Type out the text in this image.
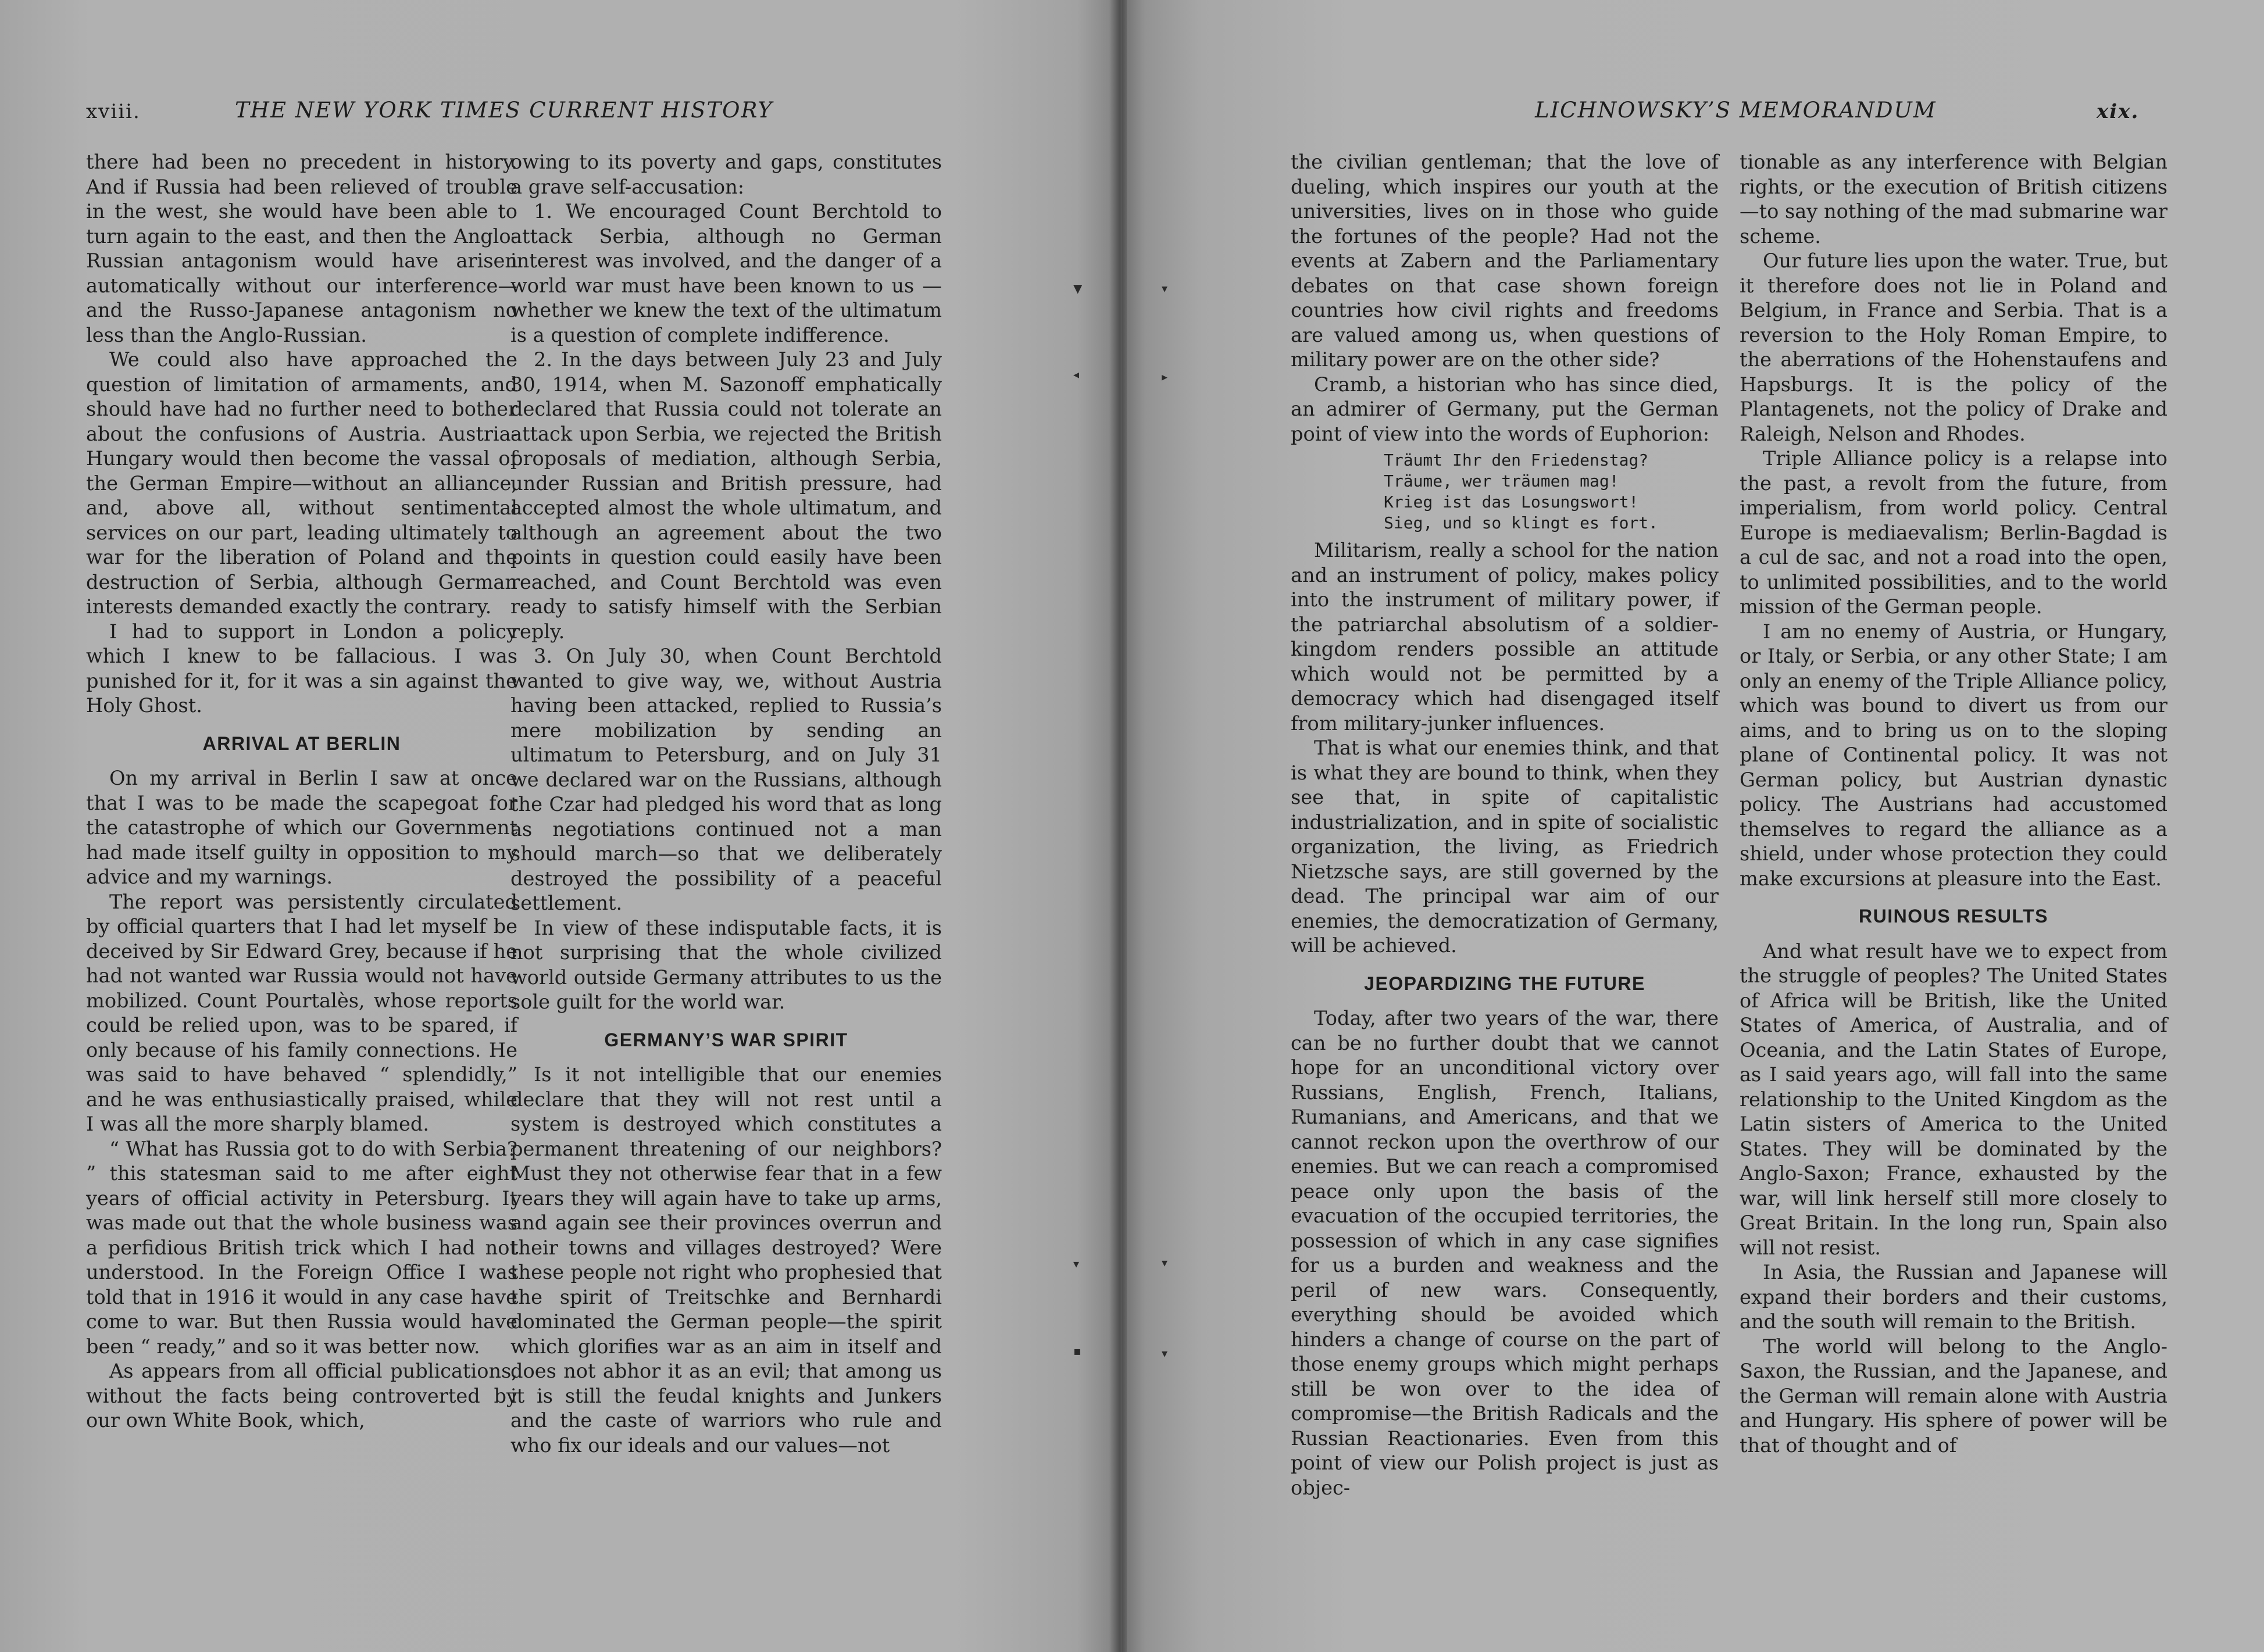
xviii.	THE NEW YORK TIMES CURRENT HISTORY

there had been no precedent in history. And if Russia had been relieved of trouble in the west, she would have been able to turn again to the east, and then the Anglo-Russian antagonism would have arisen automatically without our interference—and the Russo-Japanese antagonism no less than the Anglo-Russian.

We could also have approached the question of limitation of armaments, and should have had no further need to bother about the confusions of Austria. Austria-Hungary would then become the vassal of the German Empire—without an alliance, and, above all, without sentimental services on our part, leading ultimately to war for the liberation of Poland and the destruction of Serbia, although German interests demanded exactly the contrary.

I had to support in London a policy which I knew to be fallacious. I was punished for it, for it was a sin against the Holy Ghost.

ARRIVAL AT BERLIN

On my arrival in Berlin I saw at once that I was to be made the scapegoat for the catastrophe of which our Government had made itself guilty in opposition to my advice and my warnings.

The report was persistently circulated by official quarters that I had let myself be deceived by Sir Edward Grey, because if he had not wanted war Russia would not have mobilized. Count Pourtalès, whose reports could be relied upon, was to be spared, if only because of his family connections. He was said to have behaved “ splendidly,” and he was enthusiastically praised, while I was all the more sharply blamed.

“ What has Russia got to do with Serbia? ” this statesman said to me after eight years of official activity in Petersburg. It was made out that the whole business was a perfidious British trick which I had not understood. In the Foreign Office I was told that in 1916 it would in any case have come to war. But then Russia would have been “ ready,” and so it was better now.

As appears from all official publications, without the facts being controverted by our own White Book, which,

owing to its poverty and gaps, constitutes a grave self-accusation:

1. We encouraged Count Berchtold to attack Serbia, although no German interest was involved, and the danger of a world war must have been known to us —whether we knew the text of the ultimatum is a question of complete indifference.

2. In the days between July 23 and July 30, 1914, when M. Sazonoff emphatically declared that Russia could not tolerate an attack upon Serbia, we rejected the British proposals of mediation, although Serbia, under Russian and British pressure, had accepted almost the whole ultimatum, and although an agreement about the two points in question could easily have been reached, and Count Berchtold was even ready to satisfy himself with the Serbian reply.

3. On July 30, when Count Berchtold wanted to give way, we, without Austria having been attacked, replied to Russia’s mere mobilization by sending an ultimatum to Petersburg, and on July 31 we declared war on the Russians, although the Czar had pledged his word that as long as negotiations continued not a man should march—so that we deliberately destroyed the possibility of a peaceful settlement.

In view of these indisputable facts, it is not surprising that the whole civilized world outside Germany attributes to us the sole guilt for the world war.

GERMANY’S WAR SPIRIT

Is it not intelligible that our enemies declare that they will not rest until a system is destroyed which constitutes a permanent threatening of our neighbors? Must they not otherwise fear that in a few years they will again have to take up arms, and again see their provinces overrun and their towns and villages destroyed? Were these people not right who prophesied that the spirit of Treitschke and Bernhardi dominated the German people—the spirit which glorifies war as an aim in itself and does not abhor it as an evil; that among us it is still the feudal knights and Junkers and the caste of warriors who rule and who fix our ideals and our values—not

▼
◂
▾
▪
LICHNOWSKY’S MEMORANDUM	xix.

the civilian gentleman; that the love of dueling, which inspires our youth at the universities, lives on in those who guide the fortunes of the people? Had not the events at Zabern and the Parliamentary debates on that case shown foreign countries how civil rights and freedoms are valued among us, when questions of military power are on the other side?

Cramb, a historian who has since died, an admirer of Germany, put the German point of view into the words of Euphorion:

Träumt Ihr den Friedenstag?
Träume, wer träumen mag!
Krieg ist das Losungswort!
Sieg, und so klingt es fort.

Militarism, really a school for the nation and an instrument of policy, makes policy into the instrument of military power, if the patriarchal absolutism of a soldier-kingdom renders possible an attitude which would not be permitted by a democracy which had disengaged itself from military-junker influences.

That is what our enemies think, and that is what they are bound to think, when they see that, in spite of capitalistic industrialization, and in spite of socialistic organization, the living, as Friedrich Nietzsche says, are still governed by the dead. The principal war aim of our enemies, the democratization of Germany, will be achieved.

JEOPARDIZING THE FUTURE

Today, after two years of the war, there can be no further doubt that we cannot hope for an unconditional victory over Russians, English, French, Italians, Rumanians, and Americans, and that we cannot reckon upon the overthrow of our enemies. But we can reach a compromised peace only upon the basis of the evacuation of the occupied territories, the possession of which in any case signifies for us a burden and weakness and the peril of new wars. Consequently, everything should be avoided which hinders a change of course on the part of those enemy groups which might perhaps still be won over to the idea of compromise—the British Radicals and the Russian Reactionaries. Even from this point of view our Polish project is just as objec-

tionable as any interference with Belgian rights, or the execution of British citizens—to say nothing of the mad submarine war scheme.

Our future lies upon the water. True, but it therefore does not lie in Poland and Belgium, in France and Serbia. That is a reversion to the Holy Roman Empire, to the aberrations of the Hohenstaufens and Hapsburgs. It is the policy of the Plantagenets, not the policy of Drake and Raleigh, Nelson and Rhodes.

Triple Alliance policy is a relapse into the past, a revolt from the future, from imperialism, from world policy. Central Europe is mediaevalism; Berlin-Bagdad is a cul de sac, and not a road into the open, to unlimited possibilities, and to the world mission of the German people.

I am no enemy of Austria, or Hungary, or Italy, or Serbia, or any other State; I am only an enemy of the Triple Alliance policy, which was bound to divert us from our aims, and to bring us on to the sloping plane of Continental policy. It was not German policy, but Austrian dynastic policy. The Austrians had accustomed themselves to regard the alliance as a shield, under whose protection they could make excursions at pleasure into the East.

RUINOUS RESULTS

And what result have we to expect from the struggle of peoples? The United States of Africa will be British, like the United States of America, of Australia, and of Oceania, and the Latin States of Europe, as I said years ago, will fall into the same relationship to the United Kingdom as the Latin sisters of America to the United States. They will be dominated by the Anglo-Saxon; France, exhausted by the war, will link herself still more closely to Great Britain. In the long run, Spain also will not resist.

In Asia, the Russian and Japanese will expand their borders and their customs, and the south will remain to the British.

The world will belong to the Anglo-Saxon, the Russian, and the Japanese, and the German will remain alone with Austria and Hungary. His sphere of power will be that of thought and of

▾
▸
▾
▾
